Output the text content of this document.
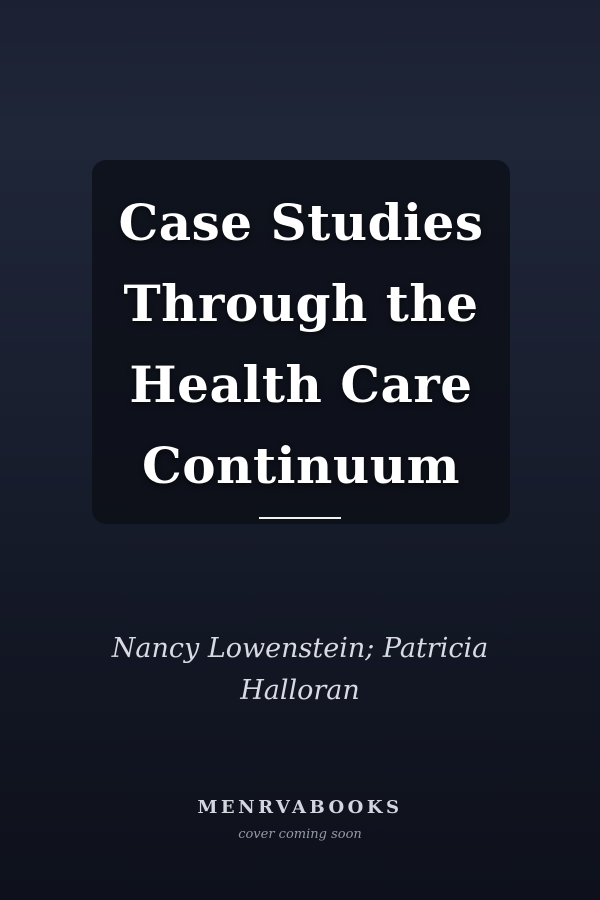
Case Studies
Through the
Health Care
Continuum
Nancy Lowenstein; Patricia
Halloran
MENRVABOOKS
cover coming soon
